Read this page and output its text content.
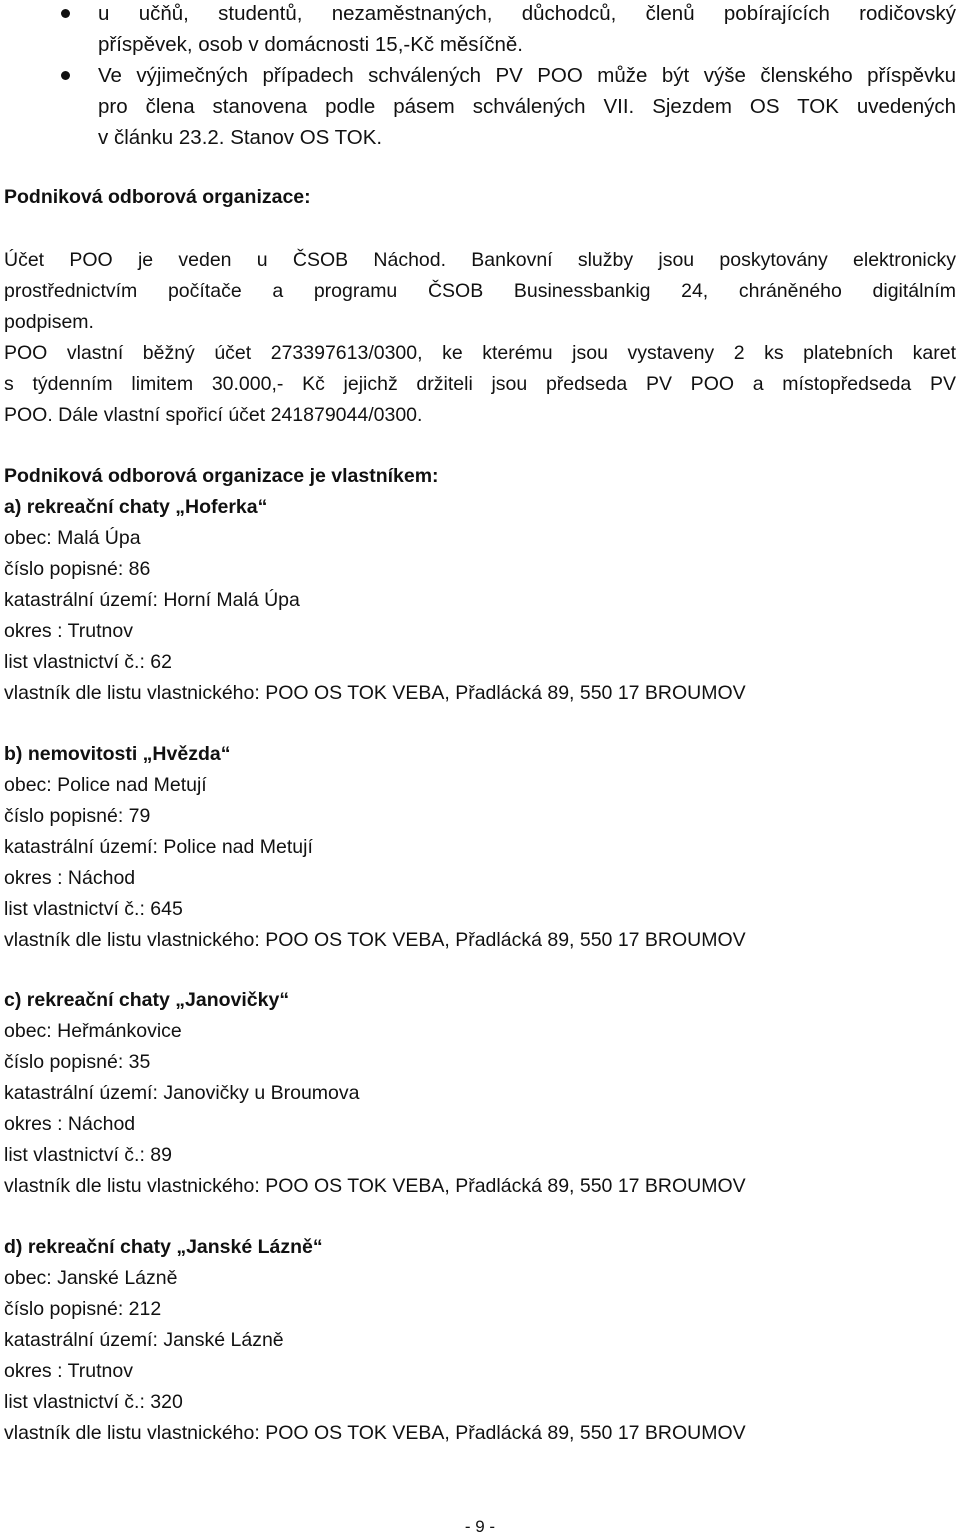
u učňů, studentů, nezaměstnaných, důchodců, členů pobírajících rodičovský
příspěvek, osob v domácnosti 15,-Kč měsíčně.
Ve výjimečných případech schválených PV POO může být výše členského příspěvku
pro člena stanovena podle pásem schválených VII. Sjezdem OS TOK uvedených
v článku 23.2. Stanov OS TOK.
Podniková odborová organizace:
Účet POO je veden u ČSOB Náchod. Bankovní služby jsou poskytovány elektronicky
prostřednictvím počítače a programu ČSOB Businessbankig 24, chráněného digitálním
podpisem.
POO vlastní běžný účet 273397613/0300, ke kterému jsou vystaveny 2 ks platebních karet
s týdenním limitem 30.000,- Kč jejichž držiteli jsou předseda PV POO a místopředseda PV
POO. Dále vlastní spořicí účet 241879044/0300.
Podniková odborová organizace je vlastníkem:
a) rekreační chaty „Hoferka“
obec: Malá Úpa
číslo popisné: 86
katastrální území: Horní Malá Úpa
okres : Trutnov
list vlastnictví č.: 62
vlastník dle listu vlastnického: POO OS TOK VEBA, Přadlácká 89, 550 17 BROUMOV
b) nemovitosti „Hvězda“
obec: Police nad Metují
číslo popisné: 79
katastrální území: Police nad Metují
okres : Náchod
list vlastnictví č.: 645
vlastník dle listu vlastnického: POO OS TOK VEBA, Přadlácká 89, 550 17 BROUMOV
c) rekreační chaty „Janovičky“
obec: Heřmánkovice
číslo popisné: 35
katastrální území: Janovičky u Broumova
okres : Náchod
list vlastnictví č.: 89
vlastník dle listu vlastnického: POO OS TOK VEBA, Přadlácká 89, 550 17 BROUMOV
d) rekreační chaty „Janské Lázně“
obec: Janské Lázně
číslo popisné: 212
katastrální území: Janské Lázně
okres : Trutnov
list vlastnictví č.: 320
vlastník dle listu vlastnického: POO OS TOK VEBA, Přadlácká 89, 550 17 BROUMOV
- 9 -
